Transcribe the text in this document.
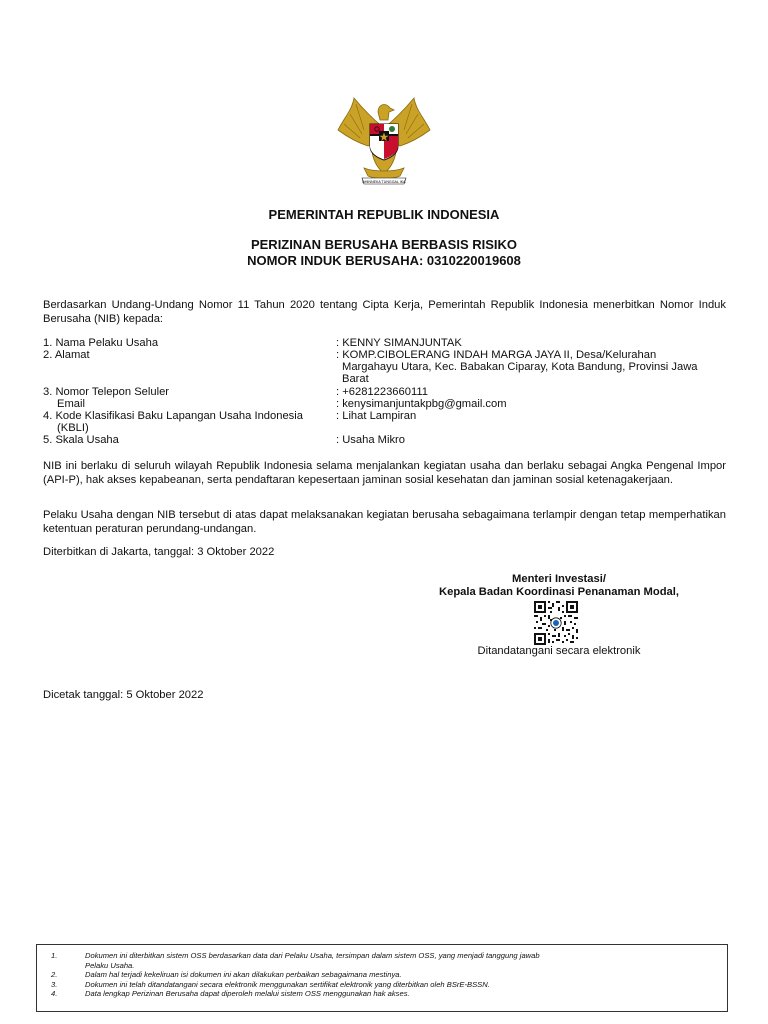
BHINNEKA TUNGGAL IKA
PEMERINTAH REPUBLIK INDONESIA
PERIZINAN BERUSAHA BERBASIS RISIKO
NOMOR INDUK BERUSAHA: 0310220019608
Berdasarkan Undang-Undang Nomor 11 Tahun 2020 tentang Cipta Kerja, Pemerintah Republik Indonesia menerbitkan Nomor Induk Berusaha (NIB) kepada:
1. Nama Pelaku Usaha	: KENNY SIMANJUNTAK
2. Alamat	: KOMP.CIBOLERANG INDAH MARGA JAYA II, Desa/Kelurahan
Margahayu Utara, Kec. Babakan Ciparay, Kota Bandung, Provinsi Jawa
Barat
3. Nomor Telepon Seluler	: +6281223660111
Email	: kenysimanjuntakpbg@gmail.com
4. Kode Klasifikasi Baku Lapangan Usaha Indonesia
(KBLI)
: Lihat Lampiran
5. Skala Usaha	: Usaha Mikro
NIB ini berlaku di seluruh wilayah Republik Indonesia selama menjalankan kegiatan usaha dan berlaku sebagai Angka Pengenal Impor (API-P), hak akses kepabeanan, serta pendaftaran kepesertaan jaminan sosial kesehatan dan jaminan sosial ketenagakerjaan.
Pelaku Usaha dengan NIB tersebut di atas dapat melaksanakan kegiatan berusaha sebagaimana terlampir dengan tetap memperhatikan ketentuan peraturan perundang-undangan.
Diterbitkan di Jakarta, tanggal: 3 Oktober 2022
Menteri Investasi/
Kepala Badan Koordinasi Penanaman Modal,
Ditandatangani secara elektronik
Dicetak tanggal: 5 Oktober 2022
1.	Dokumen ini diterbitkan sistem OSS berdasarkan data dari Pelaku Usaha, tersimpan dalam sistem OSS, yang menjadi tanggung jawab
Pelaku Usaha.
2.	Dalam hal terjadi kekeliruan isi dokumen ini akan dilakukan perbaikan sebagaimana mestinya.
3.	Dokumen ini telah ditandatangani secara elektronik menggunakan sertifikat elektronik yang diterbitkan oleh BSrE-BSSN.
4.	Data lengkap Perizinan Berusaha dapat diperoleh melalui sistem OSS menggunakan hak akses.
